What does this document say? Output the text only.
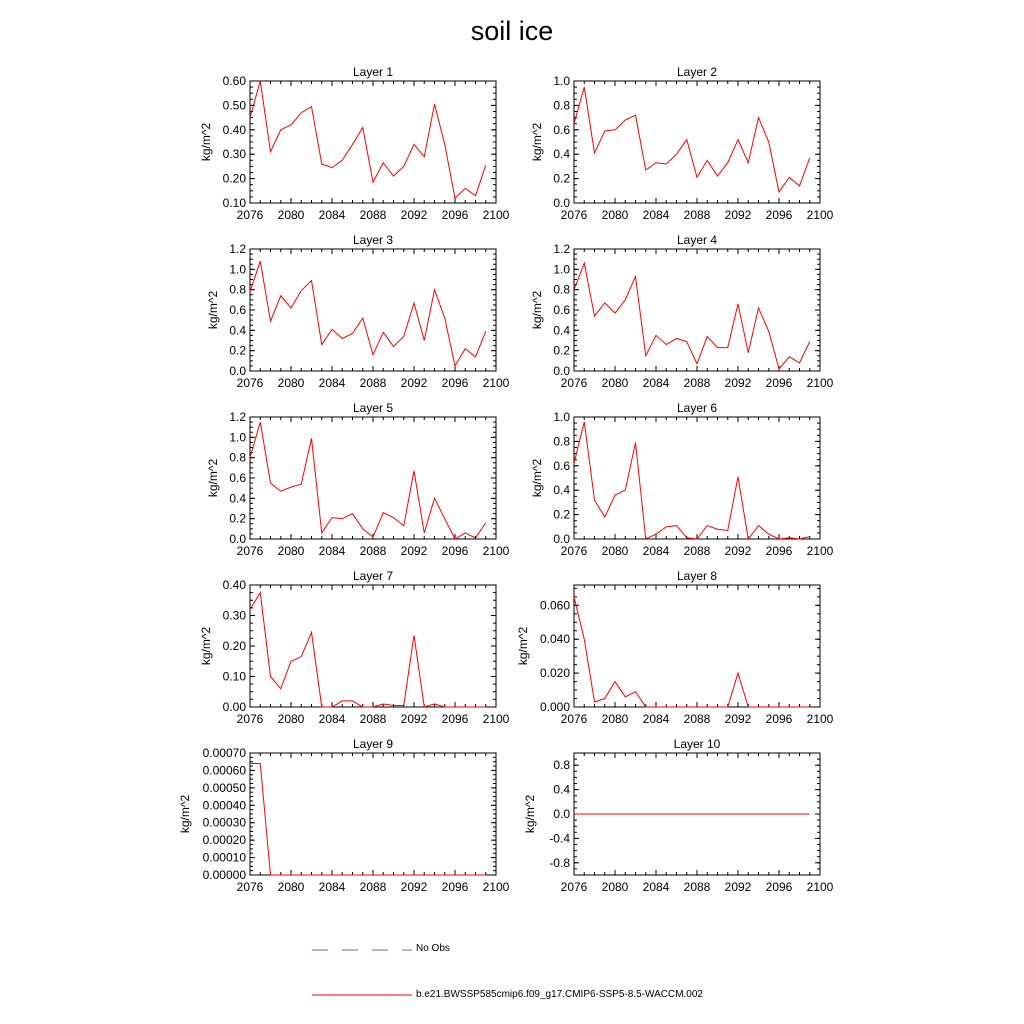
soil ice
Layer 1
2076 2080 2084 2088 2092 2096 2100
0.10
0.20
0.30
0.40
0.50
0.60
kg/m^2
Layer 2
2076 2080 2084 2088 2092 2096 2100
0.0
0.2
0.4
0.6
0.8
1.0
kg/m^2
Layer 3
2076 2080 2084 2088 2092 2096 2100
0.0
0.2
0.4
0.6
0.8
1.0
1.2
kg/m^2
Layer 4
2076 2080 2084 2088 2092 2096 2100
0.0
0.2
0.4
0.6
0.8
1.0
1.2
kg/m^2
Layer 5
2076 2080 2084 2088 2092 2096 2100
0.0
0.2
0.4
0.6
0.8
1.0
1.2
kg/m^2
Layer 6
2076 2080 2084 2088 2092 2096 2100
0.0
0.2
0.4
0.6
0.8
1.0
kg/m^2
Layer 7
2076 2080 2084 2088 2092 2096 2100
0.00
0.10
0.20
0.30
0.40
kg/m^2
Layer 8
2076 2080 2084 2088 2092 2096 2100
0.000
0.020
0.040
0.060
kg/m^2
Layer 9
2076 2080 2084 2088 2092 2096 2100
0.00000
0.00010
0.00020
0.00030
0.00040
0.00050
0.00060
0.00070
kg/m^2
Layer 10
2076 2080 2084 2088 2092 2096 2100
-0.8
-0.4
0.0
0.4
0.8
kg/m^2
No Obs
b.e21.BWSSP585cmip6.f09_g17.CMIP6-SSP5-8.5-WACCM.002
